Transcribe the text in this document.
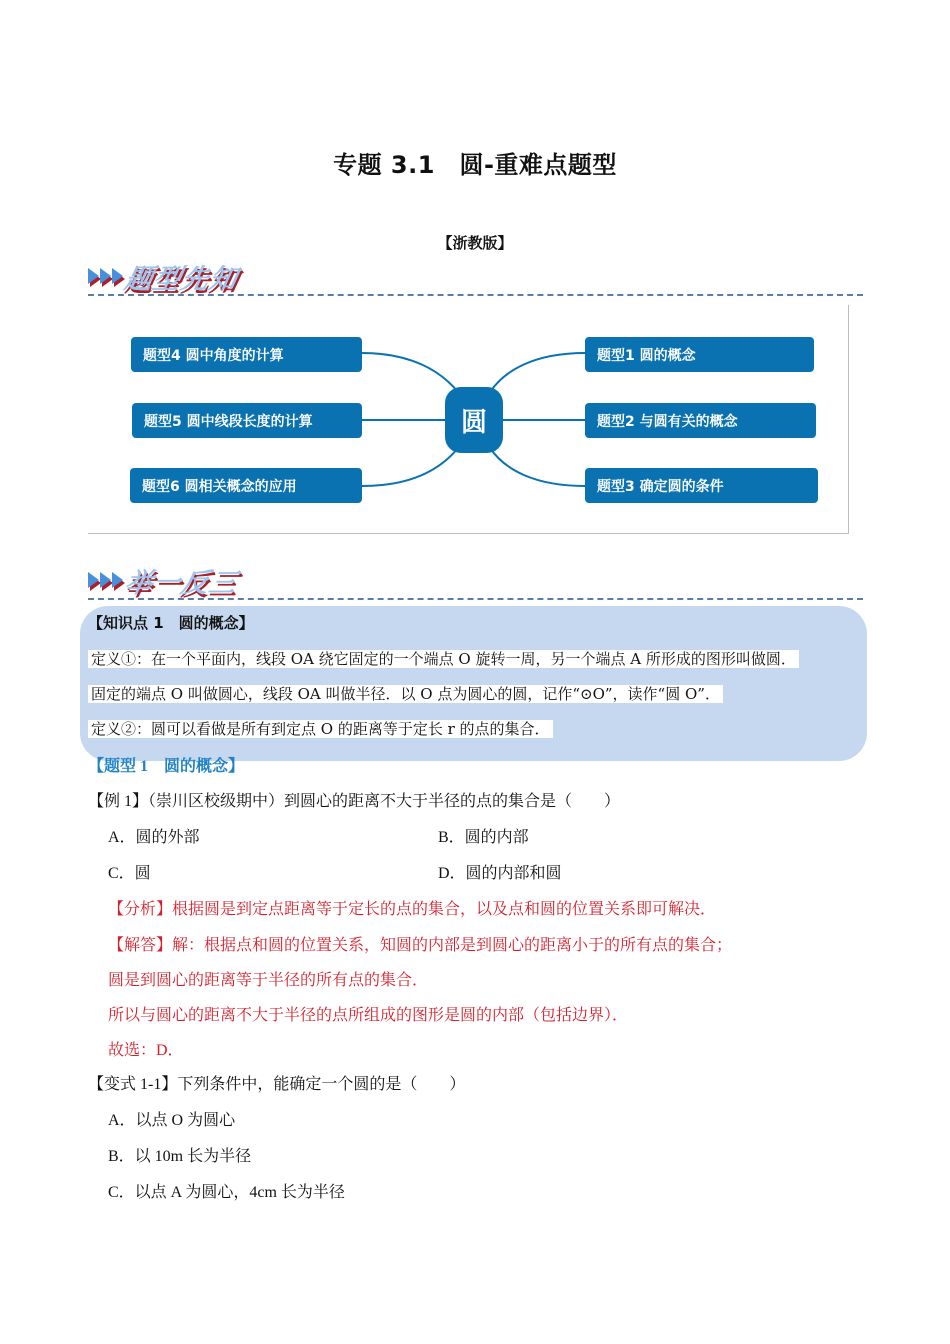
专题 3.1　圆-重难点题型
【浙教版】
题型先知
题型4 圆中角度的计算
题型5 圆中线段长度的计算
题型6 圆相关概念的应用
圆
题型1 圆的概念
题型2 与圆有关的概念
题型3 确定圆的条件
举一反三
【知识点 1　圆的概念】
定义①：在一个平面内，线段 OA 绕它固定的一个端点 O 旋转一周，另一个端点 A 所形成的图形叫做圆．
固定的端点 O 叫做圆心，线段 OA 叫做半径．以 O 点为圆心的圆，记作“⊙O”，读作“圆 O”．
定义②：圆可以看做是所有到定点 O 的距离等于定长 r 的点的集合．
【题型 1　圆的概念】
【例 1】（崇川区校级期中）到圆心的距离不大于半径的点的集合是（　　）
A．圆的外部	B．圆的内部
C．圆	D．圆的内部和圆
【分析】根据圆是到定点距离等于定长的点的集合，以及点和圆的位置关系即可解决．
【解答】解：根据点和圆的位置关系，知圆的内部是到圆心的距离小于的所有点的集合；
圆是到圆心的距离等于半径的所有点的集合．
所以与圆心的距离不大于半径的点所组成的图形是圆的内部（包括边界）．
故选：D．
【变式 1-1】下列条件中，能确定一个圆的是（　　）
A．以点 O 为圆心
B．以 10m 长为半径
C．以点 A 为圆心，4cm 长为半径
